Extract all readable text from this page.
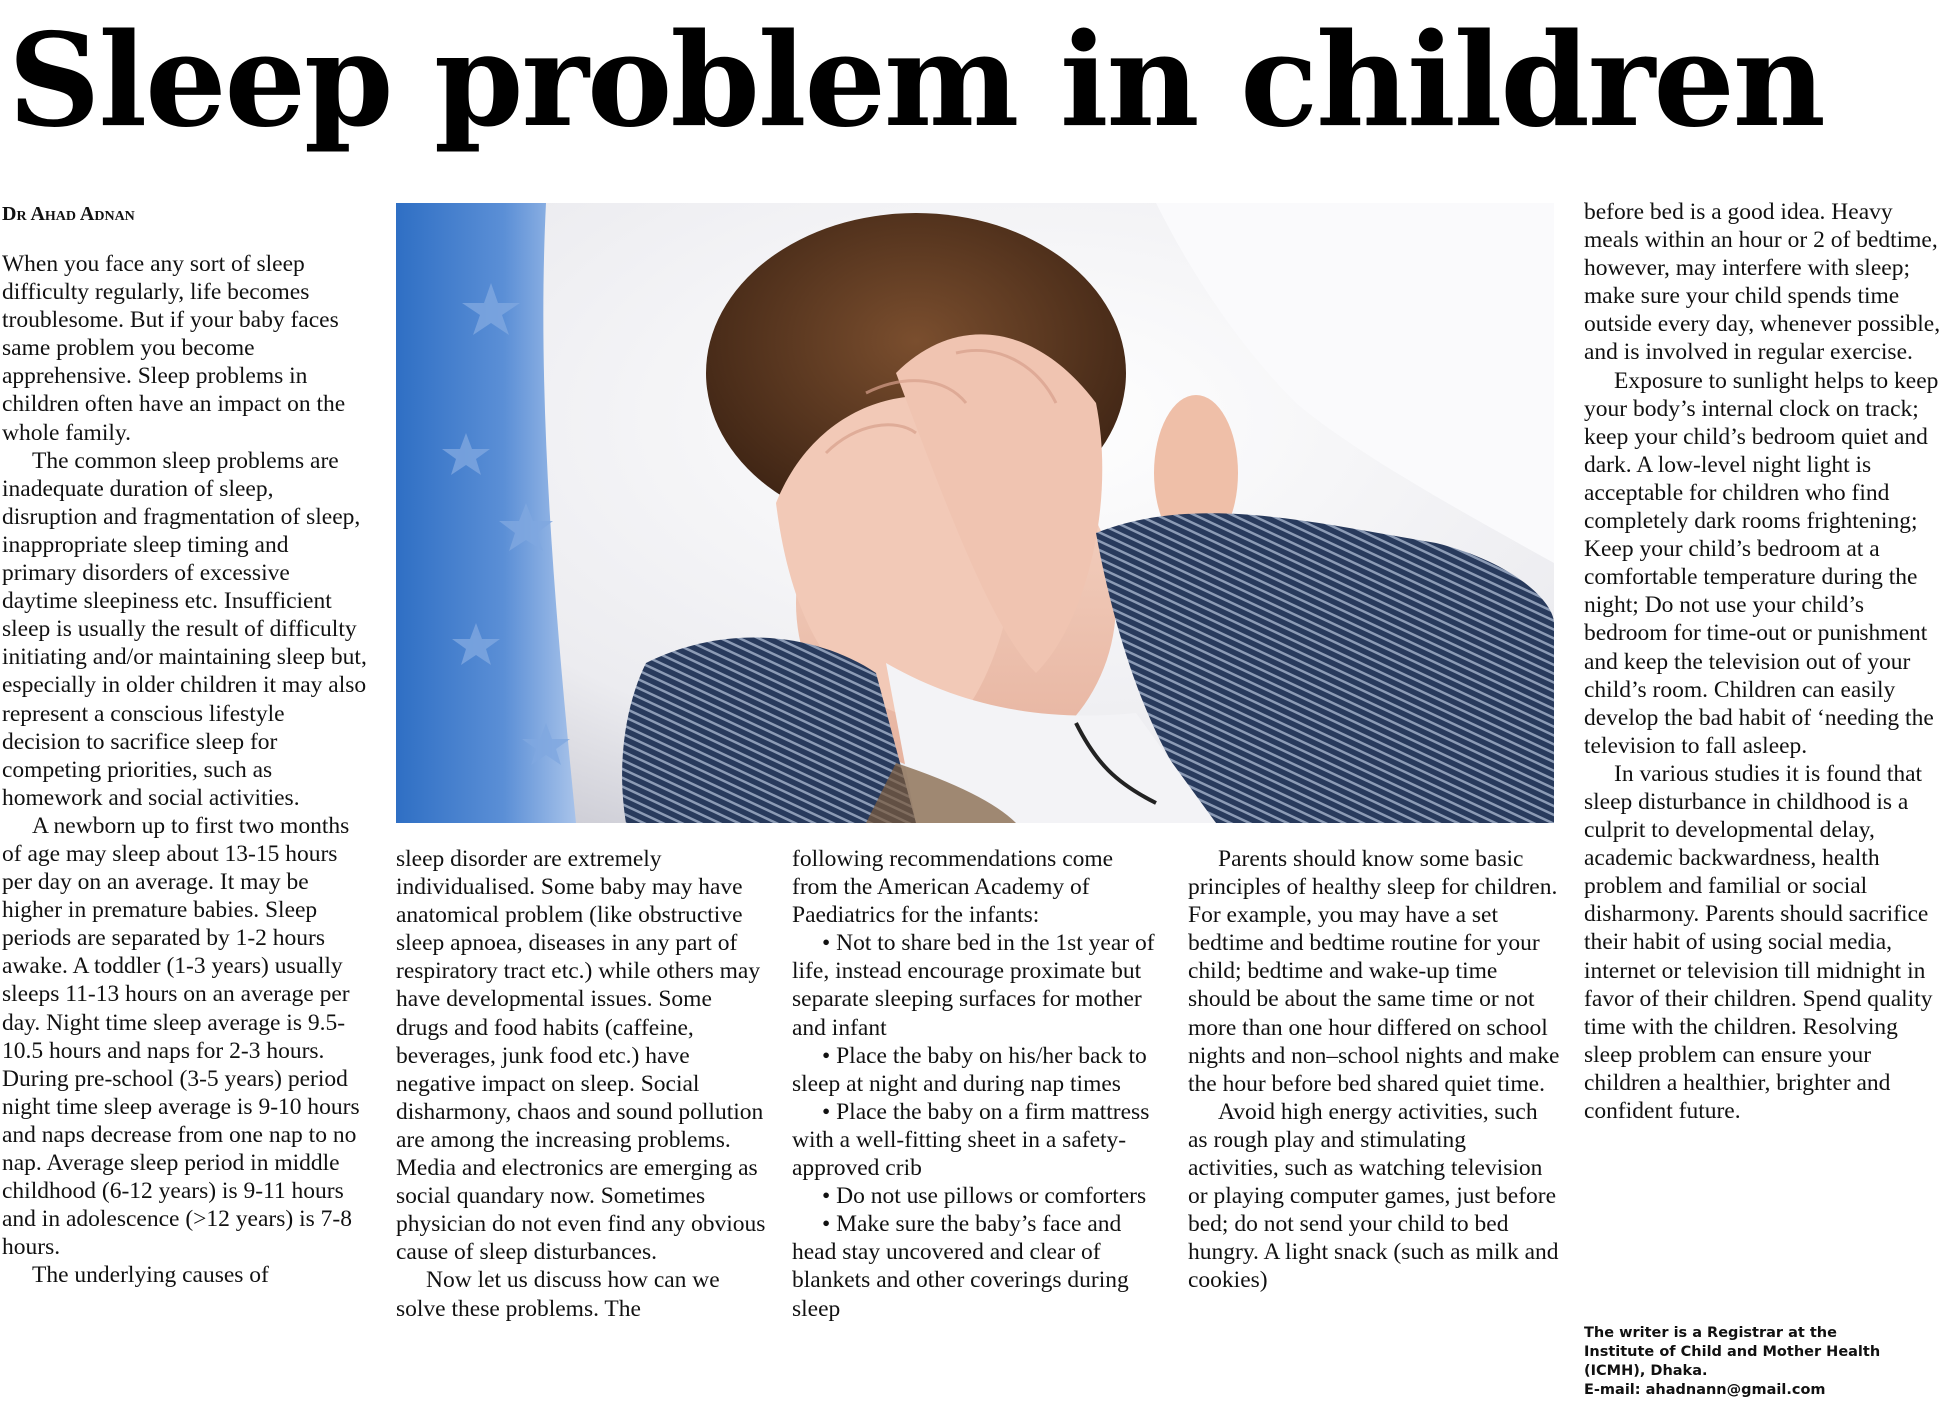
Sleep problem in children
Dr Ahad Adnan

When you face any sort of sleep difficulty regularly, life becomes troublesome. But if your baby faces same problem you become apprehensive. Sleep problems in children often have an impact on the whole family.

The common sleep problems are inadequate duration of sleep, disruption and fragmentation of sleep, inappropriate sleep timing and primary disorders of excessive daytime sleepiness etc. Insufficient sleep is usually the result of difficulty initiating and/or maintaining sleep but, especially in older children it may also represent a conscious lifestyle decision to sacrifice sleep for competing priorities, such as homework and social activities.

A newborn up to first two months of age may sleep about 13-15 hours per day on an average. It may be higher in premature babies. Sleep periods are separated by 1-2 hours awake. A toddler (1-3 years) usually sleeps 11-13 hours on an average per day. Night time sleep average is 9.5-10.5 hours and naps for 2-3 hours. During pre-school (3-5 years) period night time sleep average is 9-10 hours and naps decrease from one nap to no nap. Average sleep period in middle childhood (6-12 years) is 9-11 hours and in adolescence (>12 years) is 7-8 hours.

The underlying causes of

sleep disorder are extremely individualised. Some baby may have anatomical problem (like obstructive sleep apnoea, diseases in any part of respiratory tract etc.) while others may have developmental issues. Some drugs and food habits (caffeine, beverages, junk food etc.) have negative impact on sleep. Social disharmony, chaos and sound pollution are among the increasing problems. Media and electronics are emerging as social quandary now. Sometimes physician do not even find any obvious cause of sleep disturbances.

Now let us discuss how can we solve these problems. The

following recommendations come from the American Academy of Paediatrics for the infants:

• Not to share bed in the 1st year of life, instead encourage proximate but separate sleeping surfaces for mother and infant

• Place the baby on his/her back to sleep at night and during nap times

• Place the baby on a firm mattress with a well-fitting sheet in a safety-approved crib

• Do not use pillows or comforters

• Make sure the baby’s face and head stay uncovered and clear of blankets and other coverings during sleep

Parents should know some basic principles of healthy sleep for children. For example, you may have a set bedtime and bedtime routine for your child; bedtime and wake-up time should be about the same time or not more than one hour differed on school nights and non–school nights and make the hour before bed shared quiet time.

Avoid high energy activities, such as rough play and stimulating activities, such as watching television or playing computer games, just before bed; do not send your child to bed hungry. A light snack (such as milk and cookies)

before bed is a good idea. Heavy meals within an hour or 2 of bedtime, however, may interfere with sleep; make sure your child spends time outside every day, whenever possible, and is involved in regular exercise.

Exposure to sunlight helps to keep your body’s internal clock on track; keep your child’s bedroom quiet and dark. A low-level night light is acceptable for children who find completely dark rooms frightening; Keep your child’s bedroom at a comfortable temperature during the night; Do not use your child’s bedroom for time-out or punishment and keep the television out of your child’s room. Children can easily develop the bad habit of ‘needing the television to fall asleep.

In various studies it is found that sleep disturbance in childhood is a culprit to developmental delay, academic backwardness, health problem and familial or social disharmony. Parents should sacrifice their habit of using social media, internet or television till midnight in favor of their children. Spend quality time with the children. Resolving sleep problem can ensure your children a healthier, brighter and confident future.

The writer is a Registrar at the
Institute of Child and Mother Health
(ICMH), Dhaka.
E-mail: ahadnann@gmail.com
